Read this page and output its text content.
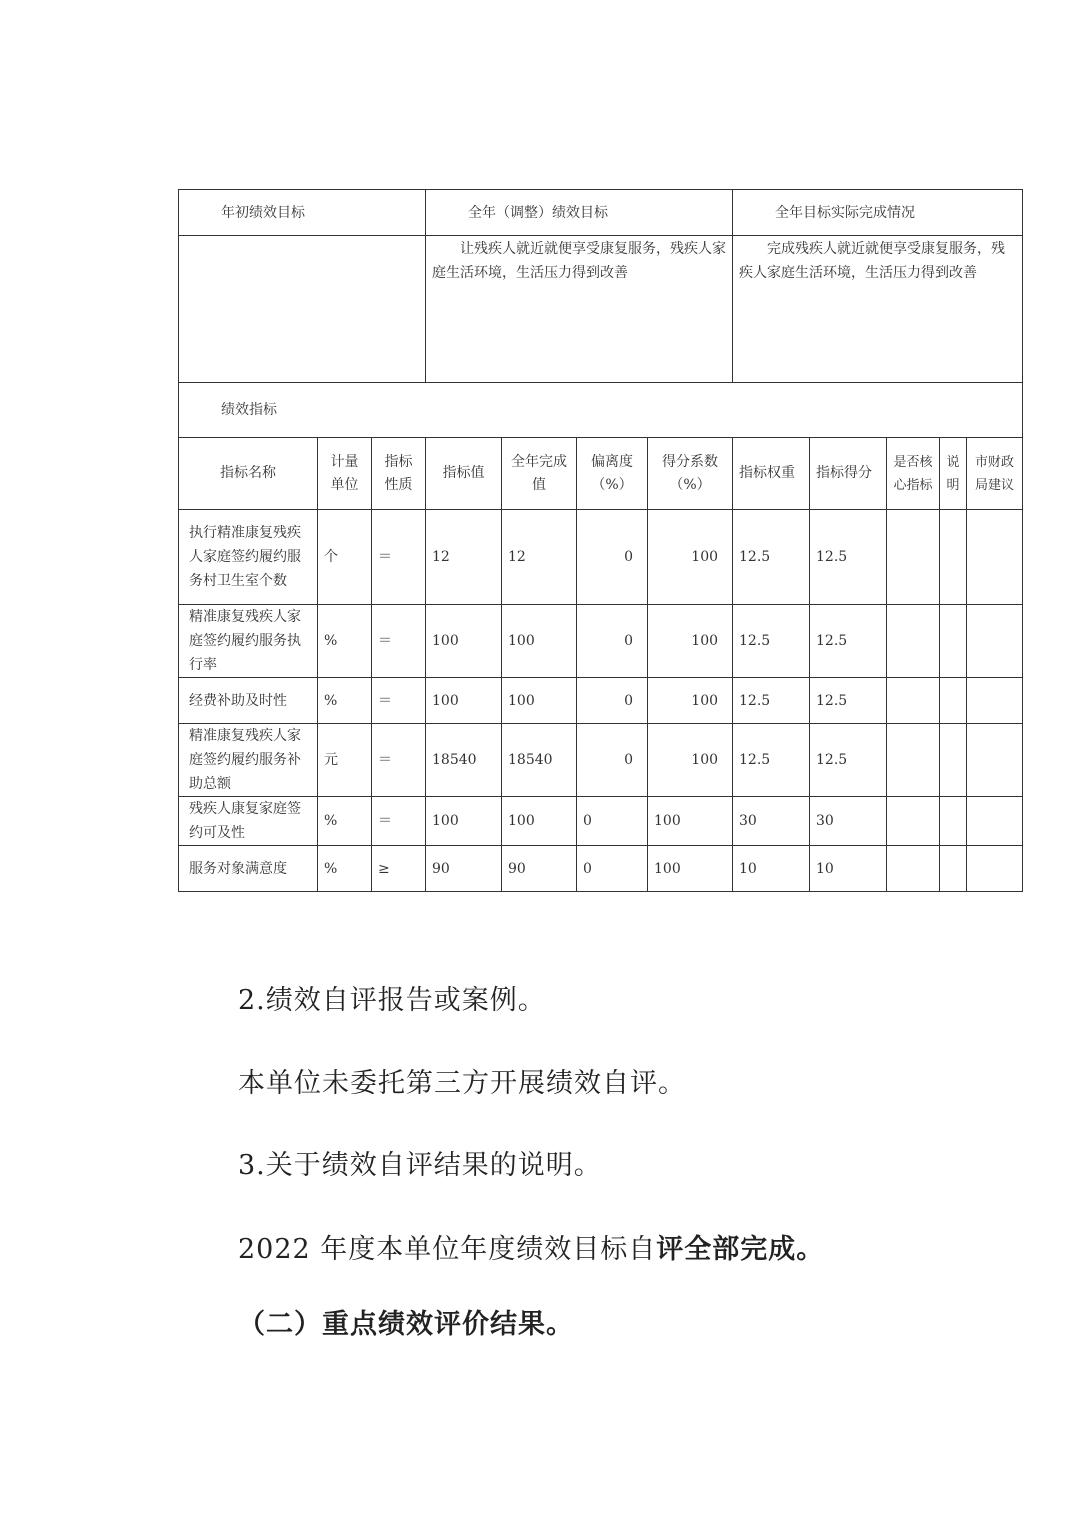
年初绩效目标			全年（调整）绩效目标				全年目标实际完成情况				
			让残疾人就近就便享受康复服务，残疾人家庭生活环境，生活压力得到改善				完成残疾人就近就便享受康复服务，残疾人家庭生活环境，生活压力得到改善				
绩效指标											
指标名称	计量单位	指标性质	指标值	全年完成值	偏离度（%）	得分系数（%）	指标权重	指标得分	是否核心指标	说明	市财政局建议
执行精准康复残疾人家庭签约履约服务村卫生室个数	个	＝	12	12	0	100	12.5	12.5			
精准康复残疾人家庭签约履约服务执行率	%	＝	100	100	0	100	12.5	12.5			
经费补助及时性	%	＝	100	100	0	100	12.5	12.5			
精准康复残疾人家庭签约履约服务补助总额	元	＝	18540	18540	0	100	12.5	12.5			
残疾人康复家庭签约可及性	%	＝	100	100	0	100	30	30			
服务对象满意度	%	≥	90	90	0	100	10	10			
2.绩效自评报告或案例。
本单位未委托第三方开展绩效自评。
3.关于绩效自评结果的说明。
2022 年度本单位年度绩效目标自评全部完成。
（二）重点绩效评价结果。
